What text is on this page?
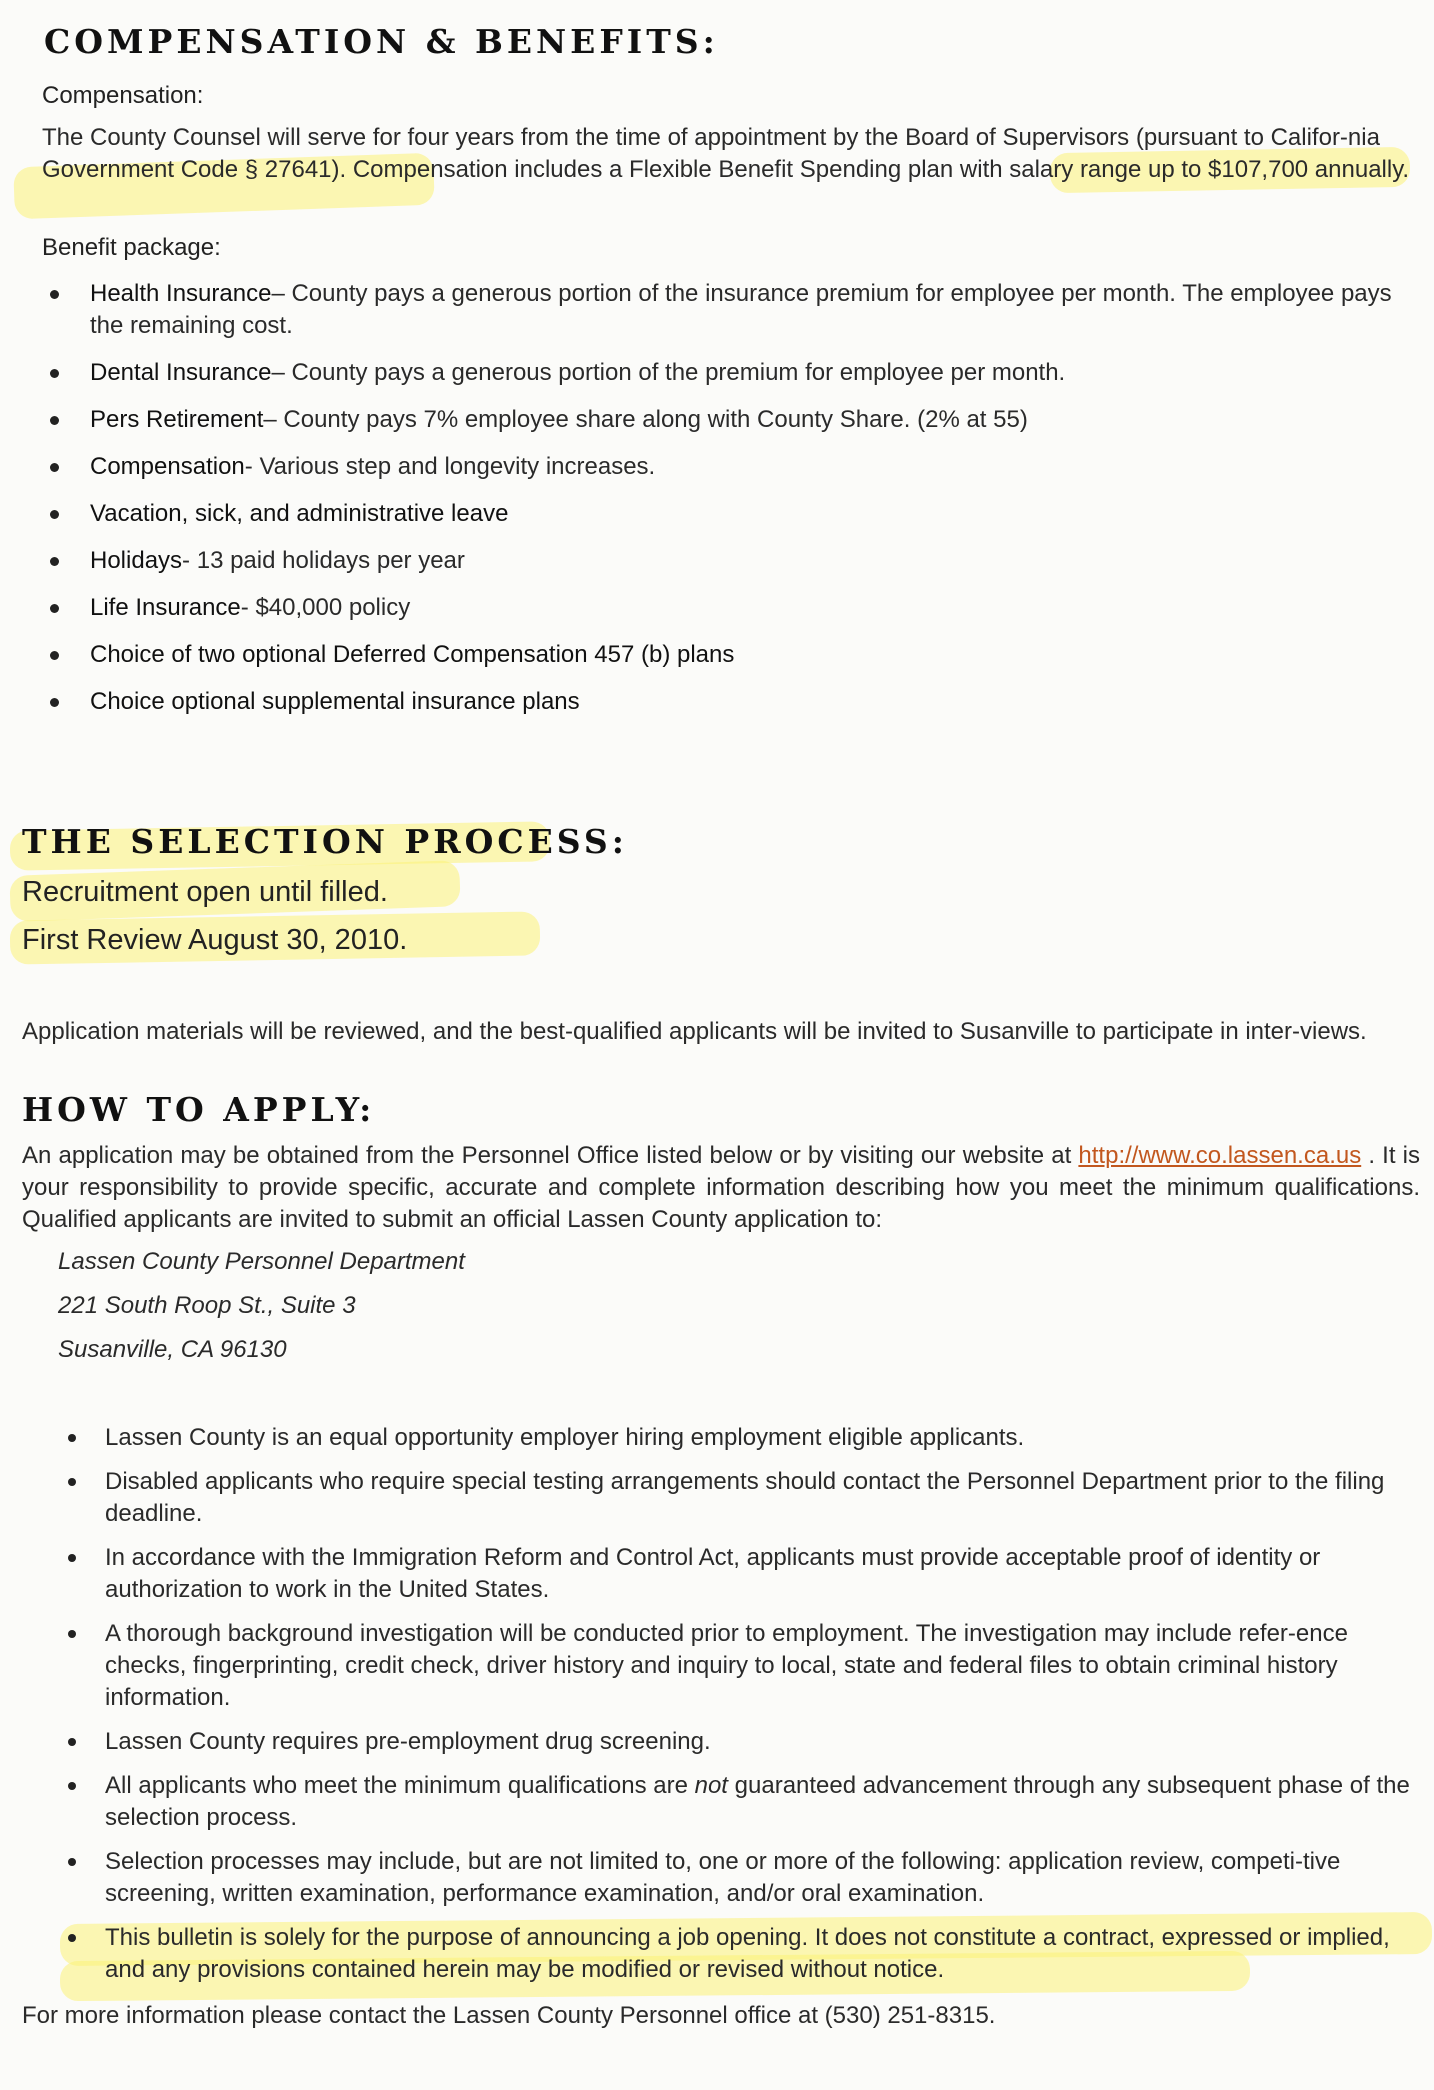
COMPENSATION & BENEFITS:

Compensation:

The County Counsel will serve for four years from the time of appointment by the Board of Supervisors (pursuant to Califor-nia Government Code § 27641). Compensation includes a Flexible Benefit Spending plan with salary range up to $107,700 annually.

Benefit package:

Health Insurance– County pays a generous portion of the insurance premium for employee per month. The employee pays the remaining cost.
Dental Insurance– County pays a generous portion of the premium for employee per month.
Pers Retirement– County pays 7% employee share along with County Share. (2% at 55)
Compensation- Various step and longevity increases.
Vacation, sick, and administrative leave
Holidays- 13 paid holidays per year
Life Insurance- $40,000 policy
Choice of two optional Deferred Compensation 457 (b) plans
Choice optional supplemental insurance plans
THE SELECTION PROCESS:

Recruitment open until filled.

First Review August 30, 2010.

Application materials will be reviewed, and the best-qualified applicants will be invited to Susanville to participate in inter-views.

HOW TO APPLY:

An application may be obtained from the Personnel Office listed below or by visiting our website at http://www.co.lassen.ca.us . It is your responsibility to provide specific, accurate and complete information describing how you meet the minimum qualifications. Qualified applicants are invited to submit an official Lassen County application to:

Lassen County Personnel Department
221 South Roop St., Suite 3
Susanville, CA 96130
Lassen County is an equal opportunity employer hiring employment eligible applicants.
Disabled applicants who require special testing arrangements should contact the Personnel Department prior to the filing deadline.
In accordance with the Immigration Reform and Control Act, applicants must provide acceptable proof of identity or authorization to work in the United States.
A thorough background investigation will be conducted prior to employment. The investigation may include refer-ence checks, fingerprinting, credit check, driver history and inquiry to local, state and federal files to obtain criminal history information.
Lassen County requires pre-employment drug screening.
All applicants who meet the minimum qualifications are not guaranteed advancement through any subsequent phase of the selection process.
Selection processes may include, but are not limited to, one or more of the following: application review, competi-tive screening, written examination, performance examination, and/or oral examination.
This bulletin is solely for the purpose of announcing a job opening. It does not constitute a contract, expressed or implied, and any provisions contained herein may be modified or revised without notice.

For more information please contact the Lassen County Personnel office at (530) 251-8315.
